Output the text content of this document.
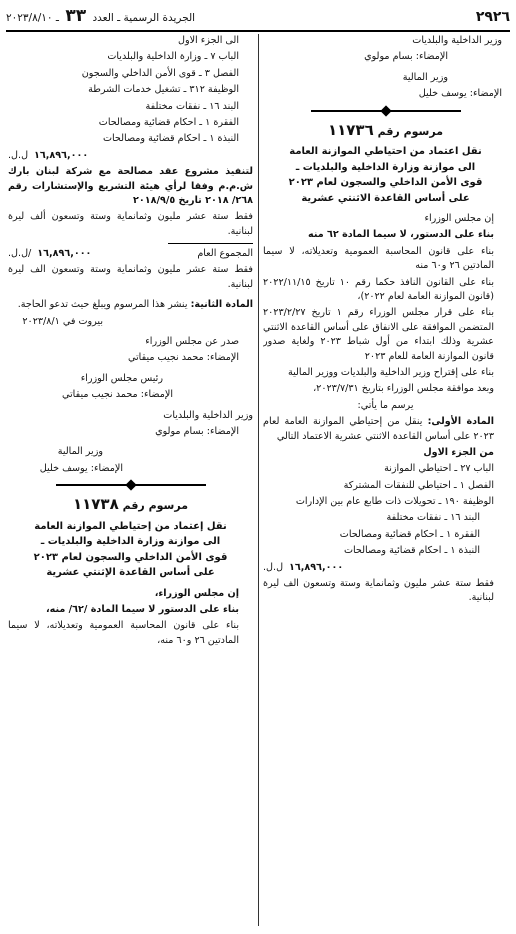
٢٩٢٦
الجريدة الرسمية ـ العدد ٣٣ ـ ٢٠٢٣/٨/١٠

وزير الداخلية والبلديات

الإمضاء: بسام مولوي

وزير المالية

الإمضاء: يوسف خليل

مرسوم رقم ١١٧٣٦

نقل اعتماد من احتياطي الموازنة العامة
الى موازنة وزارة الداخلية والبلديات ـ
قوى الأمن الداخلي والسجون لعام ٢٠٢٣
على أساس القاعدة الاثنتي عشرية

إن مجلس الوزراء

بناء على الدستور، لا سيما المادة ٦٢ منه

بناء على قانون المحاسبة العمومية وتعديلاته، لا سيما المادتين ٢٦ و٦٠ منه

بناء على القانون النافذ حكما رقم ١٠ تاريخ ٢٠٢٢/١١/١٥ (قانون الموازنة العامة لعام ٢٠٢٢)،

بناء على قرار مجلس الوزراء رقم ١ تاريخ ٢٠٢٣/٢/٢٧ المتضمن الموافقة على الانفاق على أساس القاعدة الاثنتي عشرية وذلك ابتداء من أول شباط ٢٠٢٣ ولغاية صدور قانون الموازنة العامة للعام ٢٠٢٣

بناء على إقتراح وزير الداخلية والبلديات ووزير المالية

وبعد موافقة مجلس الوزراء بتاريخ ٢٠٢٣/٧/٣١،

يرسم ما يأتي:

المادة الأولى: ينقل من إحتياطي الموازنة العامة لعام ٢٠٢٣ على أساس القاعدة الاثنتي عشرية الاعتماد التالي

من الجزء الاول

الباب ٢٧ ـ احتياطي الموازنة

الفصل ١ ـ احتياطي للنفقات المشتركة

الوظيفة ١٩٠ ـ تحويلات ذات طابع عام بين الإدارات

البند ١٦ ـ نفقات مختلفة

الفقرة ١ ـ احكام قضائية ومصالحات

النبذة ١ ـ احكام قضائية ومصالحات

١٦,٨٩٦,٠٠٠
ل.ل.

فقط ستة عشر مليون وثمانماية وستة وتسعون الف ليرة لبنانية.

الى الجزء الاول

الباب ٧ ـ وزارة الداخلية والبلديات

الفصل ٣ ـ قوى الأمن الداخلي والسجون

الوظيفة ٣١٢ ـ تشغيل خدمات الشرطة

البند ١٦ ـ نفقات مختلفة

الفقرة ١ ـ احكام قضائية ومصالحات

النبذة ١ ـ احكام قضائية ومصالحات

١٦,٨٩٦,٠٠٠
ل.ل.

لتنفيذ مشروع عقد مصالحة مع شركة لبنان بارك ش.م.م وفقا لرأي هيئة التشريع والإستشارات رقم ٢٦٨/ ٢٠١٨ تاريخ ٢٠١٨/٩/٥

فقط ستة عشر مليون وثمانماية وستة وتسعون ألف ليرة لبنانية.

المجموع العام
١٦,٨٩٦,٠٠٠
/ل.ل.

فقط ستة عشر مليون وثمانماية وستة وتسعون الف ليرة لبنانية.

المادة الثانية: ينشر هذا المرسوم ويبلغ حيث تدعو الحاجة.

بيروت في ٢٠٢٣/٨/١

صدر عن مجلس الوزراء

الإمضاء: محمد نجيب ميقاتي

رئيس مجلس الوزراء

الإمضاء: محمد نجيب ميقاتي

وزير الداخلية والبلديات

الإمضاء: بسام مولوي

وزير المالية

الإمضاء: يوسف خليل

مرسوم رقم ١١٧٣٨

نقل إعتماد من إحتياطي الموازنة العامة
الى موازنة وزارة الداخلية والبلديات ـ
قوى الأمن الداخلي والسجون لعام ٢٠٢٣
على أساس القاعدة الإثنتي عشرية

إن مجلس الوزراء،

بناء على الدستور لا سيما المادة /٦٢/ منه،

بناء على قانون المحاسبة العمومية وتعديلاته، لا سيما المادتين ٢٦ و٦٠ منه،
